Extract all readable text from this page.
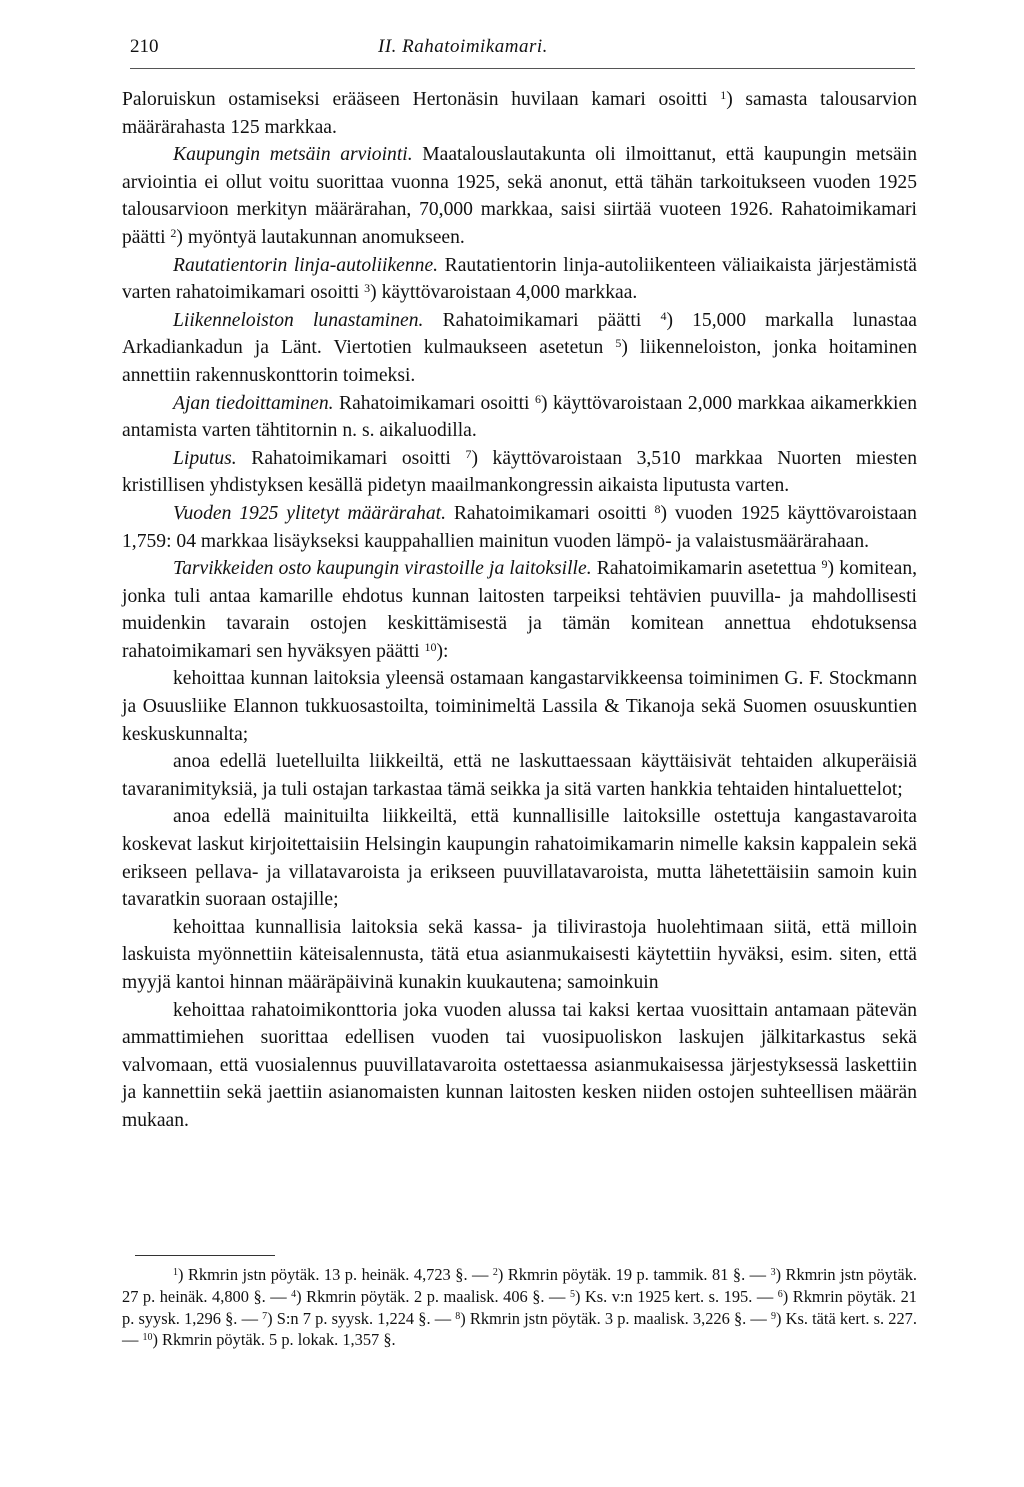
210	II. Rahatoimikamari.

Paloruiskun ostamiseksi erääseen Hertonäsin huvilaan kamari osoitti $^1$) samasta talousarvion määrärahasta 125 markkaa.

Kaupungin metsäin arviointi. Maatalouslautakunta oli ilmoittanut, että kaupungin metsäin arviointia ei ollut voitu suorittaa vuonna 1925, sekä anonut, että tähän tarkoitukseen vuoden 1925 talousarvioon merkityn määrärahan, 70,000 markkaa, saisi siirtää vuoteen 1926. Rahatoimikamari päätti $^2$) myöntyä lautakunnan anomukseen.

Rautatientorin linja-autoliikenne. Rautatientorin linja-autoliikenteen väliaikaista järjestämistä varten rahatoimikamari osoitti $^3$) käyttövaroistaan 4,000 markkaa.

Liikenneloiston lunastaminen. Rahatoimikamari päätti $^4$) 15,000 markalla lunastaa Arkadiankadun ja Länt. Viertotien kulmaukseen asetetun $^5$) liikenneloiston, jonka hoitaminen annettiin rakennuskonttorin toimeksi.

Ajan tiedoittaminen. Rahatoimikamari osoitti $^6$) käyttövaroistaan 2,000 markkaa aikamerkkien antamista varten tähtitornin n. s. aikaluodilla.

Liputus. Rahatoimikamari osoitti $^7$) käyttövaroistaan 3,510 markkaa Nuorten miesten kristillisen yhdistyksen kesällä pidetyn maailmankongressin aikaista liputusta varten.

Vuoden 1925 ylitetyt määrärahat. Rahatoimikamari osoitti $^8$) vuoden 1925 käyttövaroistaan 1,759: 04 markkaa lisäykseksi kauppahallien mainitun vuoden lämpö- ja valaistusmäärärahaan.

Tarvikkeiden osto kaupungin virastoille ja laitoksille. Rahatoimikamarin asetettua $^9$) komitean, jonka tuli antaa kamarille ehdotus kunnan laitosten tarpeiksi tehtävien puuvilla- ja mahdollisesti muidenkin tavarain ostojen keskittämisestä ja tämän komitean annettua ehdotuksensa rahatoimikamari sen hyväksyen päätti $^{10}$):

kehoittaa kunnan laitoksia yleensä ostamaan kangastarvikkeensa toiminimen G. F. Stockmann ja Osuusliike Elannon tukkuosastoilta, toiminimeltä Lassila & Tikanoja sekä Suomen osuuskuntien keskuskunnalta;

anoa edellä luetelluilta liikkeiltä, että ne laskuttaessaan käyttäisivät tehtaiden alkuperäisiä tavaranimityksiä, ja tuli ostajan tarkastaa tämä seikka ja sitä varten hankkia tehtaiden hintaluettelot;

anoa edellä mainituilta liikkeiltä, että kunnallisille laitoksille ostettuja kangastavaroita koskevat laskut kirjoitettaisiin Helsingin kaupungin rahatoimikamarin nimelle kaksin kappalein sekä erikseen pellava- ja villatavaroista ja erikseen puuvillatavaroista, mutta lähetettäisiin samoin kuin tavaratkin suoraan ostajille;

kehoittaa kunnallisia laitoksia sekä kassa- ja tilivirastoja huolehtimaan siitä, että milloin laskuista myönnettiin käteisalennusta, tätä etua asianmukaisesti käytettiin hyväksi, esim. siten, että myyjä kantoi hinnan määräpäivinä kunakin kuukautena; samoinkuin

kehoittaa rahatoimikonttoria joka vuoden alussa tai kaksi kertaa vuosittain antamaan pätevän ammattimiehen suorittaa edellisen vuoden tai vuosipuoliskon laskujen jälkitarkastus sekä valvomaan, että vuosialennus puuvillatavaroita ostettaessa asianmukaisessa järjestyksessä laskettiin ja kannettiin sekä jaettiin asianomaisten kunnan laitosten kesken niiden ostojen suhteellisen määrän mukaan.

$^1$) Rkmrin jstn pöytäk. 13 p. heinäk. 4,723 §. — $^2$) Rkmrin pöytäk. 19 p. tammik. 81 §. — $^3$) Rkmrin jstn pöytäk. 27 p. heinäk. 4,800 §. — $^4$) Rkmrin pöytäk. 2 p. maalisk. 406 §. — $^5$) Ks. v:n 1925 kert. s. 195. — $^6$) Rkmrin pöytäk. 21 p. syysk. 1,296 §. — $^7$) S:n 7 p. syysk. 1,224 §. — $^8$) Rkmrin jstn pöytäk. 3 p. maalisk. 3,226 §. — $^9$) Ks. tätä kert. s. 227. — $^{10}$) Rkmrin pöytäk. 5 p. lokak. 1,357 §.
